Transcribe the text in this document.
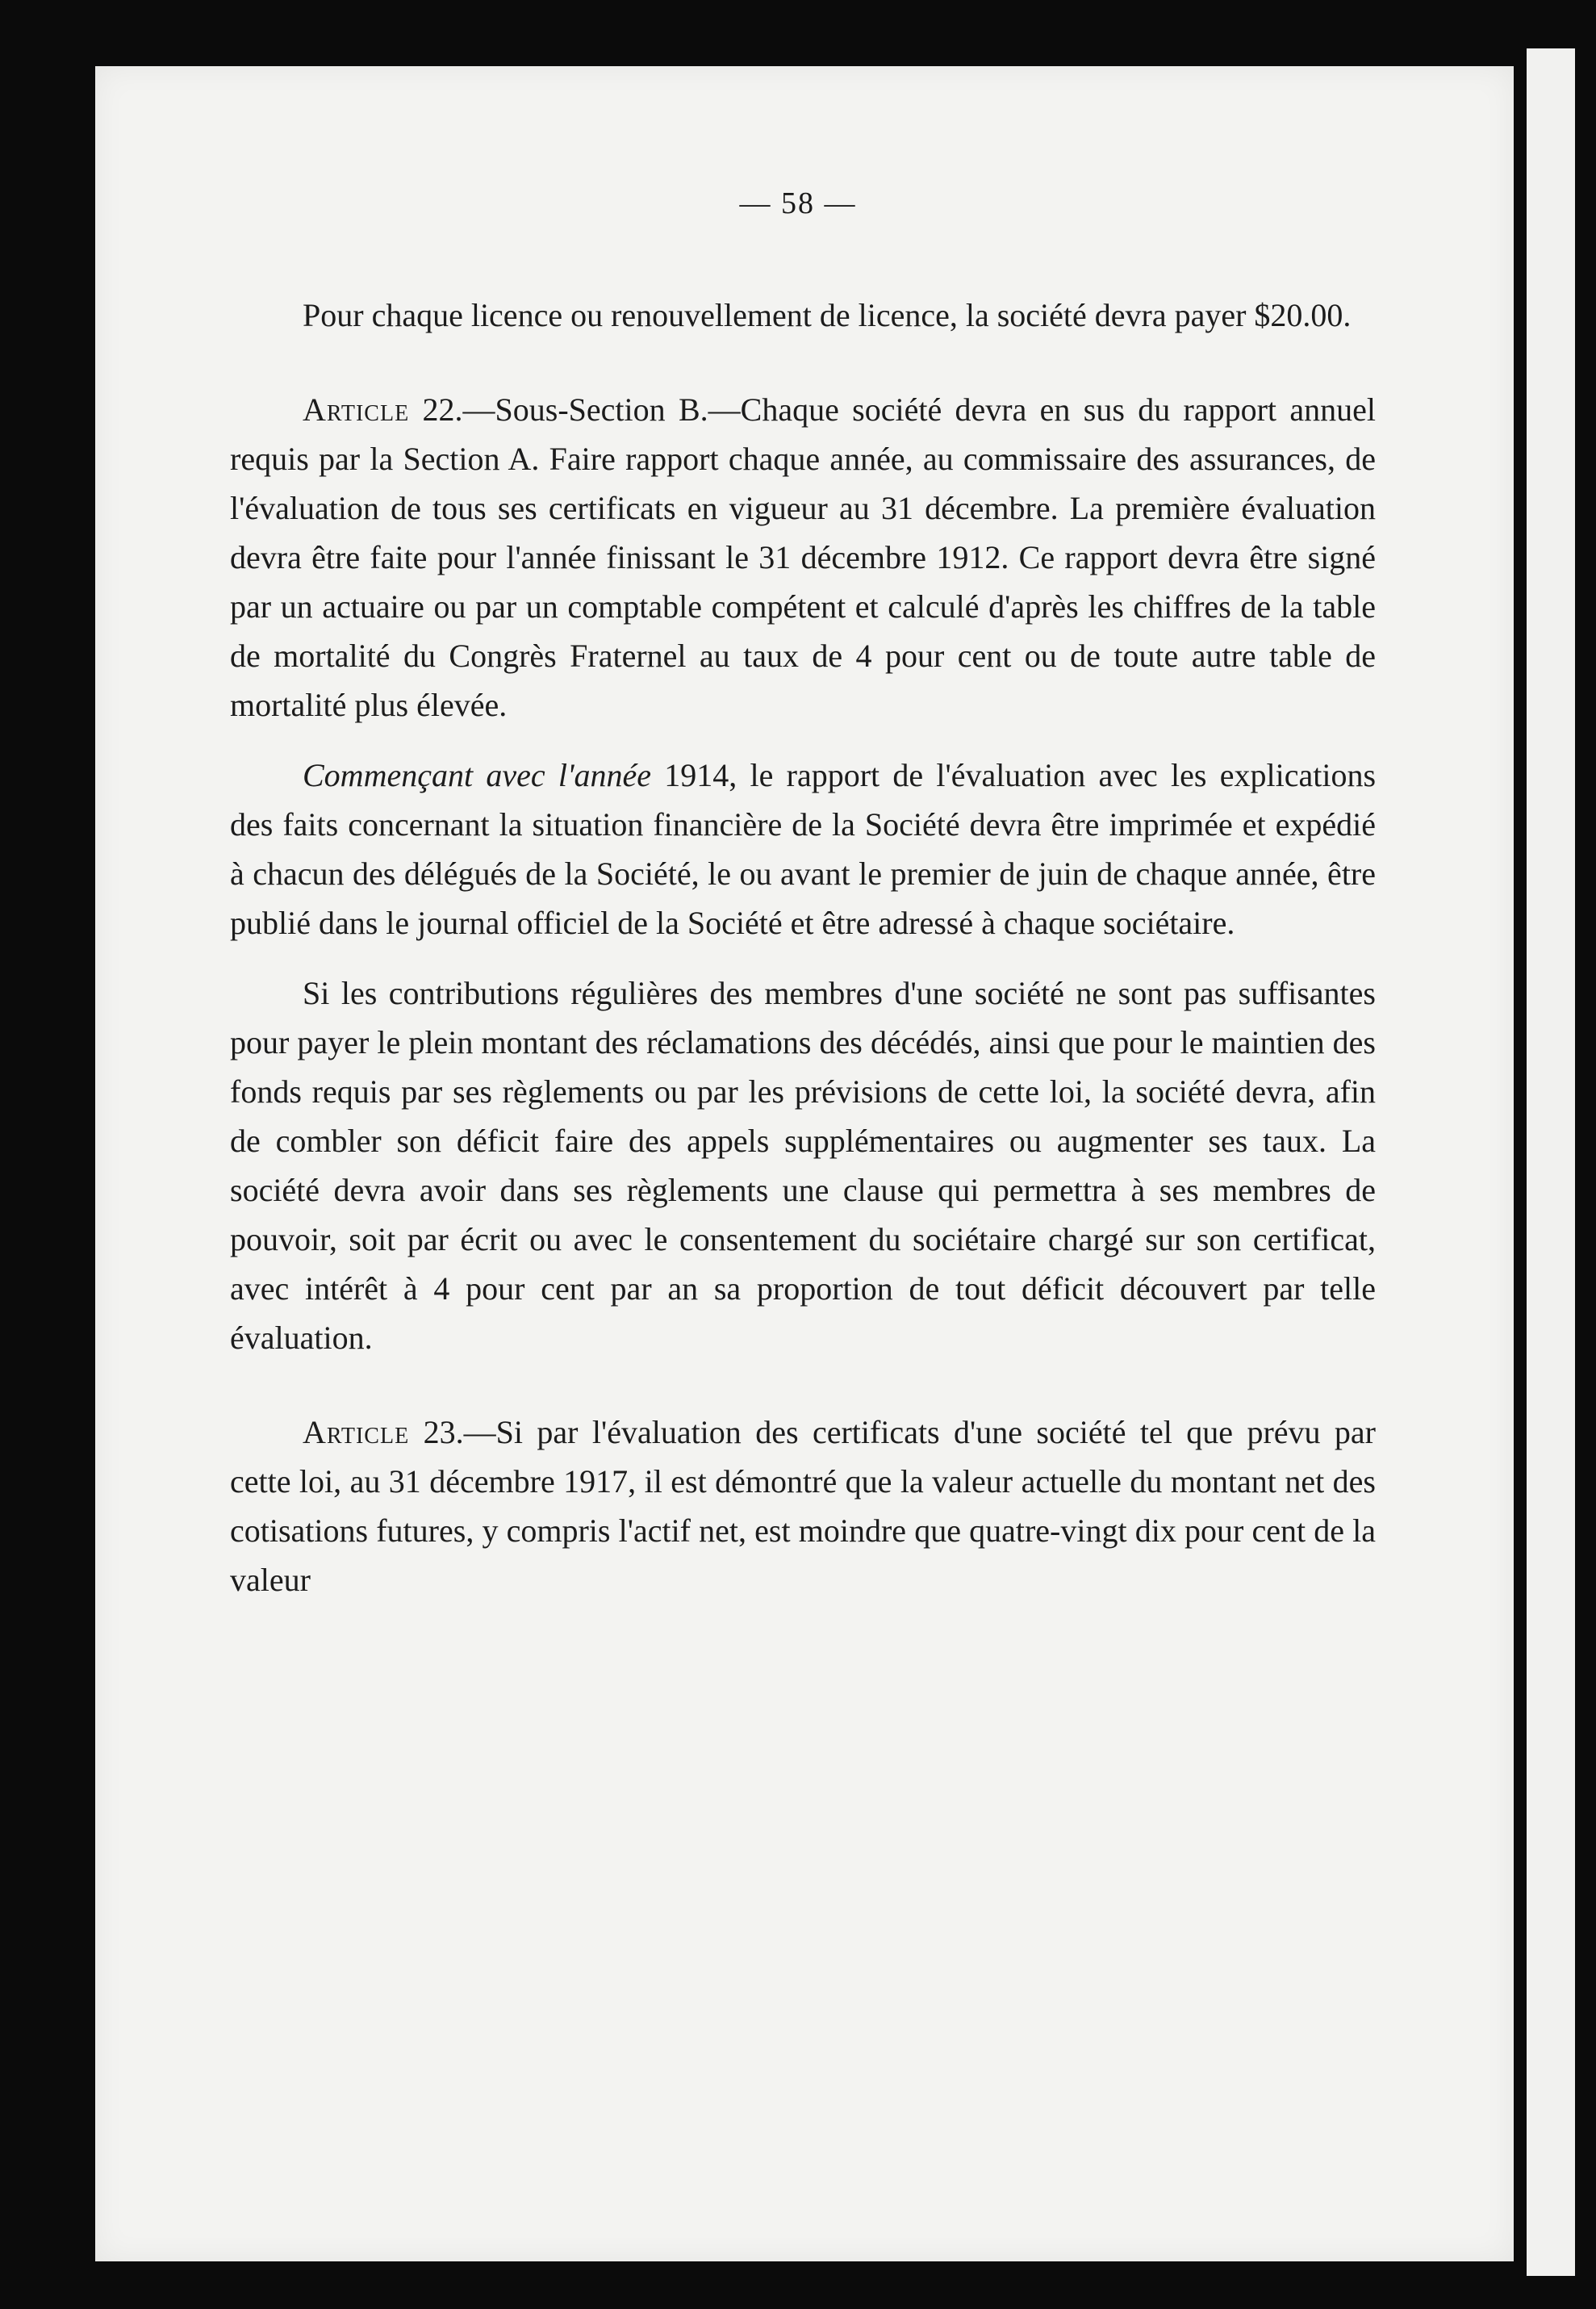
— 58 —

Pour chaque licence ou renouvellement de licence, la société devra payer $20.00.

Article 22.—Sous-Section B.—Chaque société devra en sus du rapport annuel requis par la Section A. Faire rapport chaque année, au commissaire des assurances, de l'évaluation de tous ses certificats en vigueur au 31 décembre. La première évaluation devra être faite pour l'année finissant le 31 décembre 1912. Ce rapport devra être signé par un actuaire ou par un comptable compétent et calculé d'après les chiffres de la table de mortalité du Congrès Fraternel au taux de 4 pour cent ou de toute autre table de mortalité plus élevée.

Commençant avec l'année 1914, le rapport de l'évaluation avec les explications des faits concernant la situation financière de la Société devra être imprimée et expédié à chacun des délégués de la Société, le ou avant le premier de juin de chaque année, être publié dans le journal officiel de la Société et être adressé à chaque sociétaire.

Si les contributions régulières des membres d'une société ne sont pas suffisantes pour payer le plein montant des réclamations des décédés, ainsi que pour le maintien des fonds requis par ses règlements ou par les prévisions de cette loi, la société devra, afin de combler son déficit faire des appels supplémentaires ou augmenter ses taux. La société devra avoir dans ses règlements une clause qui permettra à ses membres de pouvoir, soit par écrit ou avec le consentement du sociétaire chargé sur son certificat, avec intérêt à 4 pour cent par an sa proportion de tout déficit découvert par telle évaluation.

Article 23.—Si par l'évaluation des certificats d'une société tel que prévu par cette loi, au 31 décembre 1917, il est démontré que la valeur actuelle du montant net des cotisations futures, y compris l'actif net, est moindre que quatre-vingt dix pour cent de la valeur
